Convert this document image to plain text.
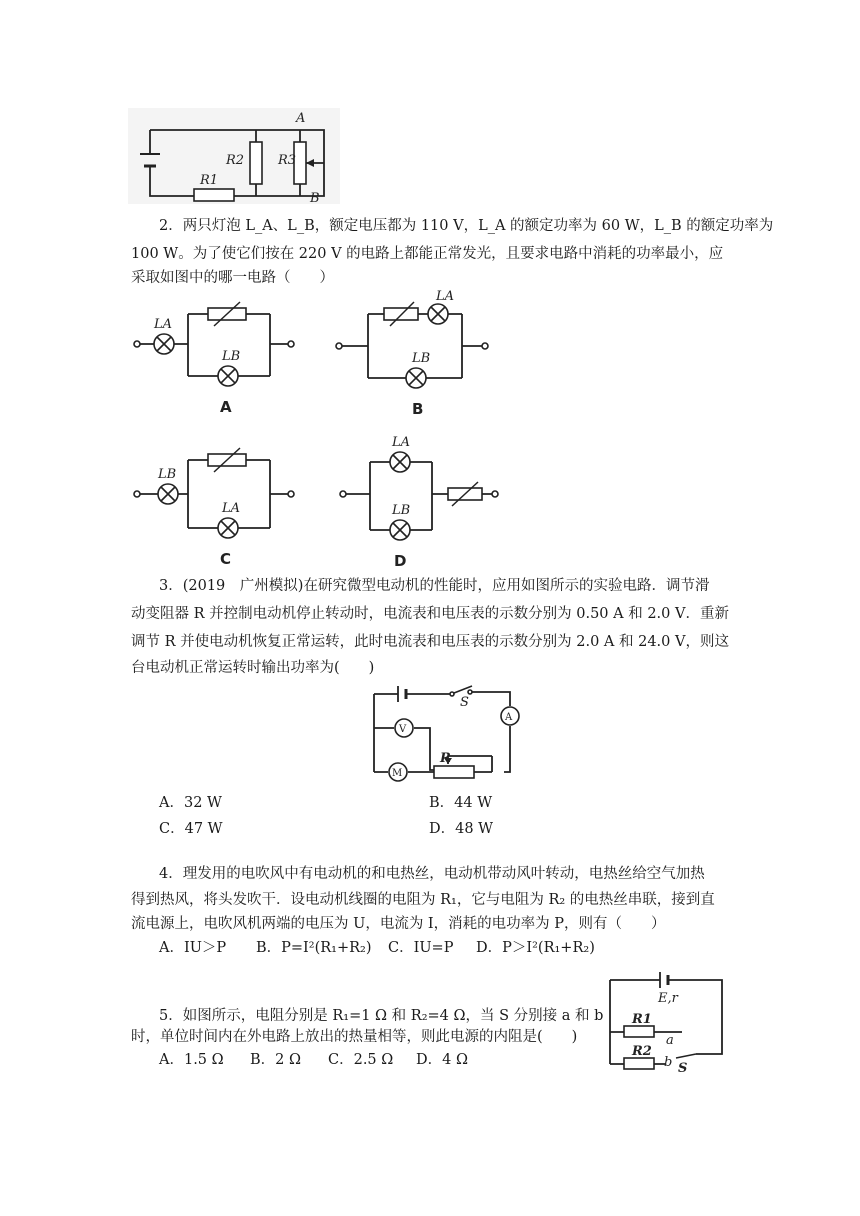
A
R2	R3
R1
B
2．两只灯泡 L_A、L_B，额定电压都为 110 V，L_A 的额定功率为 60 W，L_B 的额定功率为
100 W。为了使它们按在 220 V 的电路上都能正常发光，且要求电路中消耗的功率最小，应
采取如图中的哪一电路（　　）
LA
LB
A
LA
LB
B
LB
LA
C
LA
LB
D
3．(2019　广州模拟)在研究微型电动机的性能时，应用如图所示的实验电路．调节滑
动变阻器 R 并控制电动机停止转动时，电流表和电压表的示数分别为 0.50 A 和 2.0 V．重新
调节 R 并使电动机恢复正常运转，此时电流表和电压表的示数分别为 2.0 A 和 24.0 V，则这
台电动机正常运转时输出功率为(　　)
S
A
V
M
R
A．32 W	B．44 W
C．47 W	D．48 W
4．理发用的电吹风中有电动机的和电热丝，电动机带动风叶转动，电热丝给空气加热
得到热风，将头发吹干．设电动机线圈的电阻为 R₁，它与电阻为 R₂ 的电热丝串联，接到直
流电源上，电吹风机两端的电压为 U，电流为 I，消耗的电功率为 P，则有（　　）
A．IU＞P B．P=I²(R₁+R₂) C．IU=P D．P＞I²(R₁+R₂)
5．如图所示，电阻分别是 R₁=1 Ω 和 R₂=4 Ω，当 S 分别接 a 和 b
时，单位时间内在外电路上放出的热量相等，则此电源的内阻是(　　)
A．1.5 Ω B．2 Ω C．2.5 Ω D．4 Ω
E,r
R1
R2
a
b S
